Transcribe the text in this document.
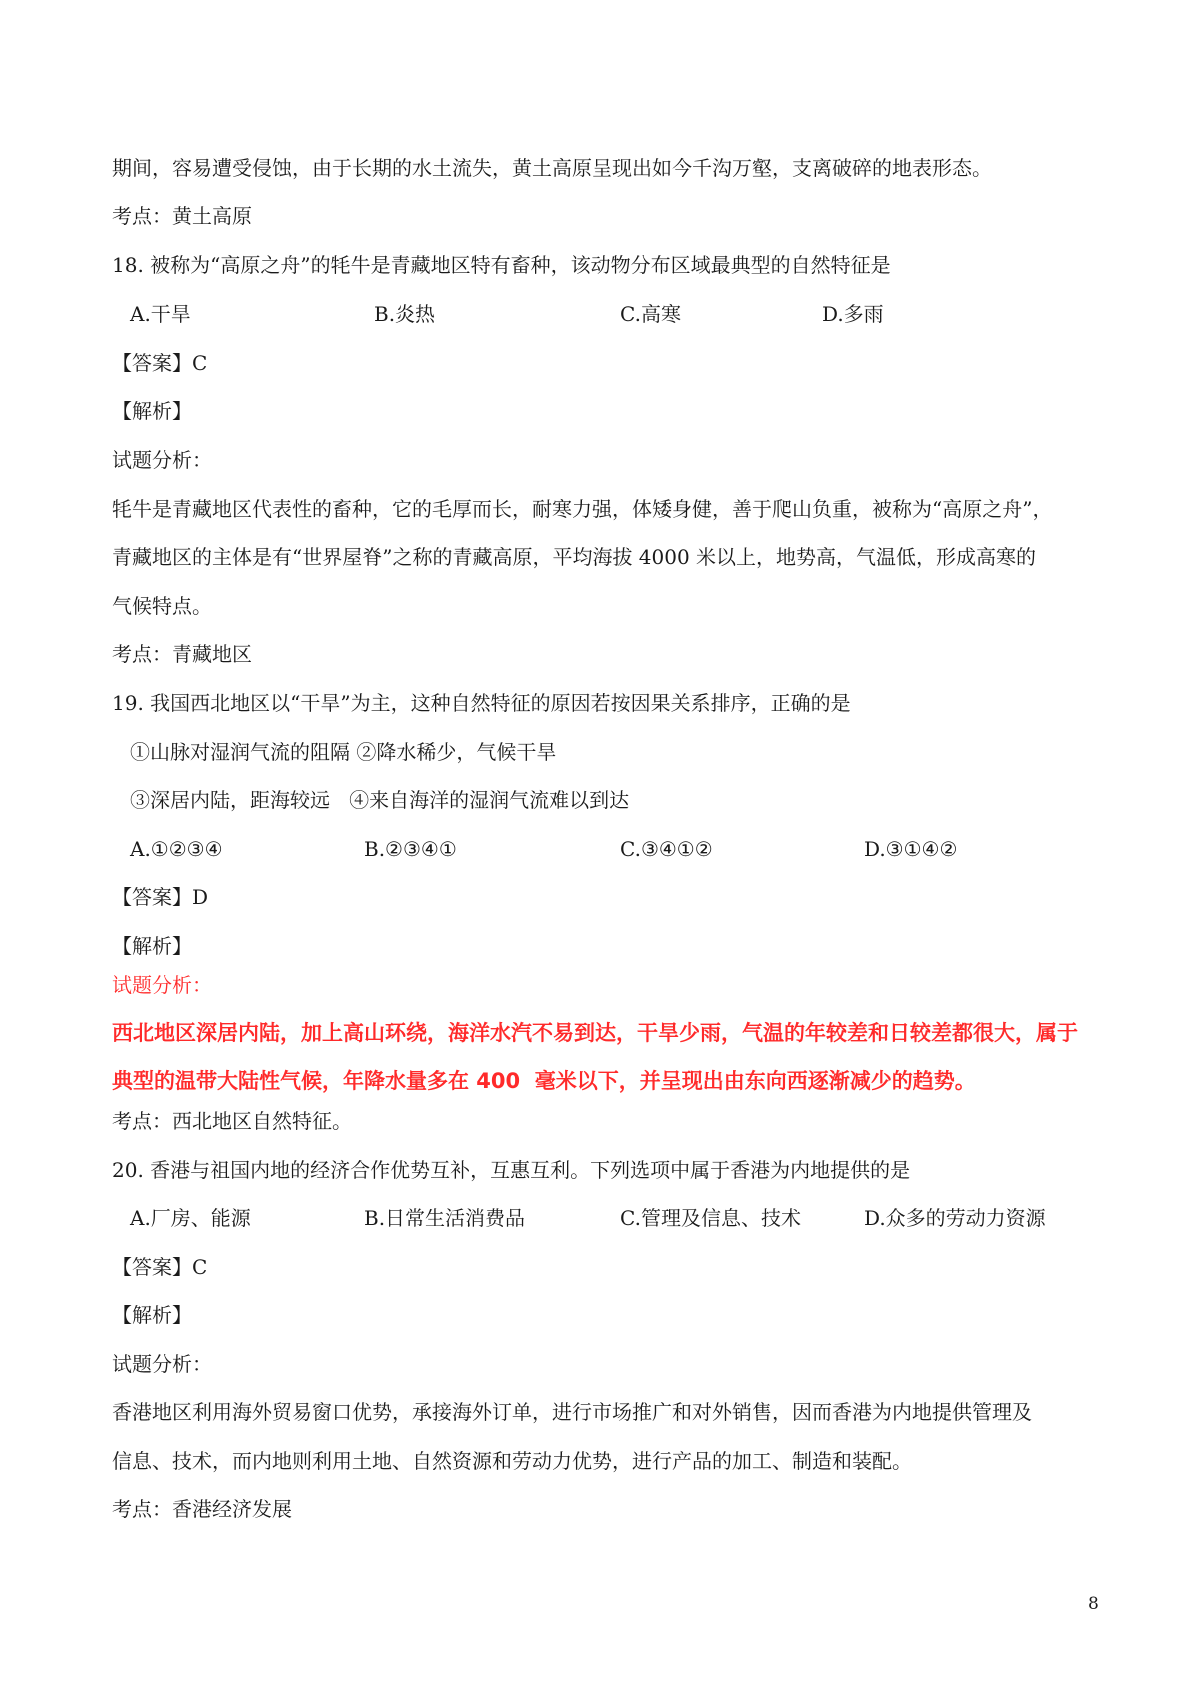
期间，容易遭受侵蚀，由于长期的水土流失，黄土高原呈现出如今千沟万壑，支离破碎的地表形态。
考点：黄土高原
18. 被称为“高原之舟”的牦牛是青藏地区特有畜种，该动物分布区域最典型的自然特征是
A.干旱	B.炎热	C.高寒	D.多雨
【答案】C
【解析】
试题分析：
牦牛是青藏地区代表性的畜种，它的毛厚而长，耐寒力强，体矮身健，善于爬山负重，被称为“高原之舟”，
青藏地区的主体是有“世界屋脊”之称的青藏高原，平均海拔 4000 米以上，地势高，气温低，形成高寒的
气候特点。
考点：青藏地区
19. 我国西北地区以“干旱”为主，这种自然特征的原因若按因果关系排序，正确的是
①山脉对湿润气流的阻隔 ②降水稀少，气候干旱
③深居内陆，距海较远   ④来自海洋的湿润气流难以到达
A.①②③④	B.②③④①	C.③④①②	D.③①④②
【答案】D
【解析】
试题分析：
西北地区深居内陆，加上高山环绕，海洋水汽不易到达，干旱少雨，气温的年较差和日较差都很大，属于
典型的温带大陆性气候，年降水量多在 400  毫米以下，并呈现出由东向西逐渐减少的趋势。
考点：西北地区自然特征。
20. 香港与祖国内地的经济合作优势互补，互惠互利。下列选项中属于香港为内地提供的是
A.厂房、能源	B.日常生活消费品	C.管理及信息、技术	D.众多的劳动力资源
【答案】C
【解析】
试题分析：
香港地区利用海外贸易窗口优势，承接海外订单，进行市场推广和对外销售，因而香港为内地提供管理及
信息、技术，而内地则利用土地、自然资源和劳动力优势，进行产品的加工、制造和装配。
考点：香港经济发展
8
